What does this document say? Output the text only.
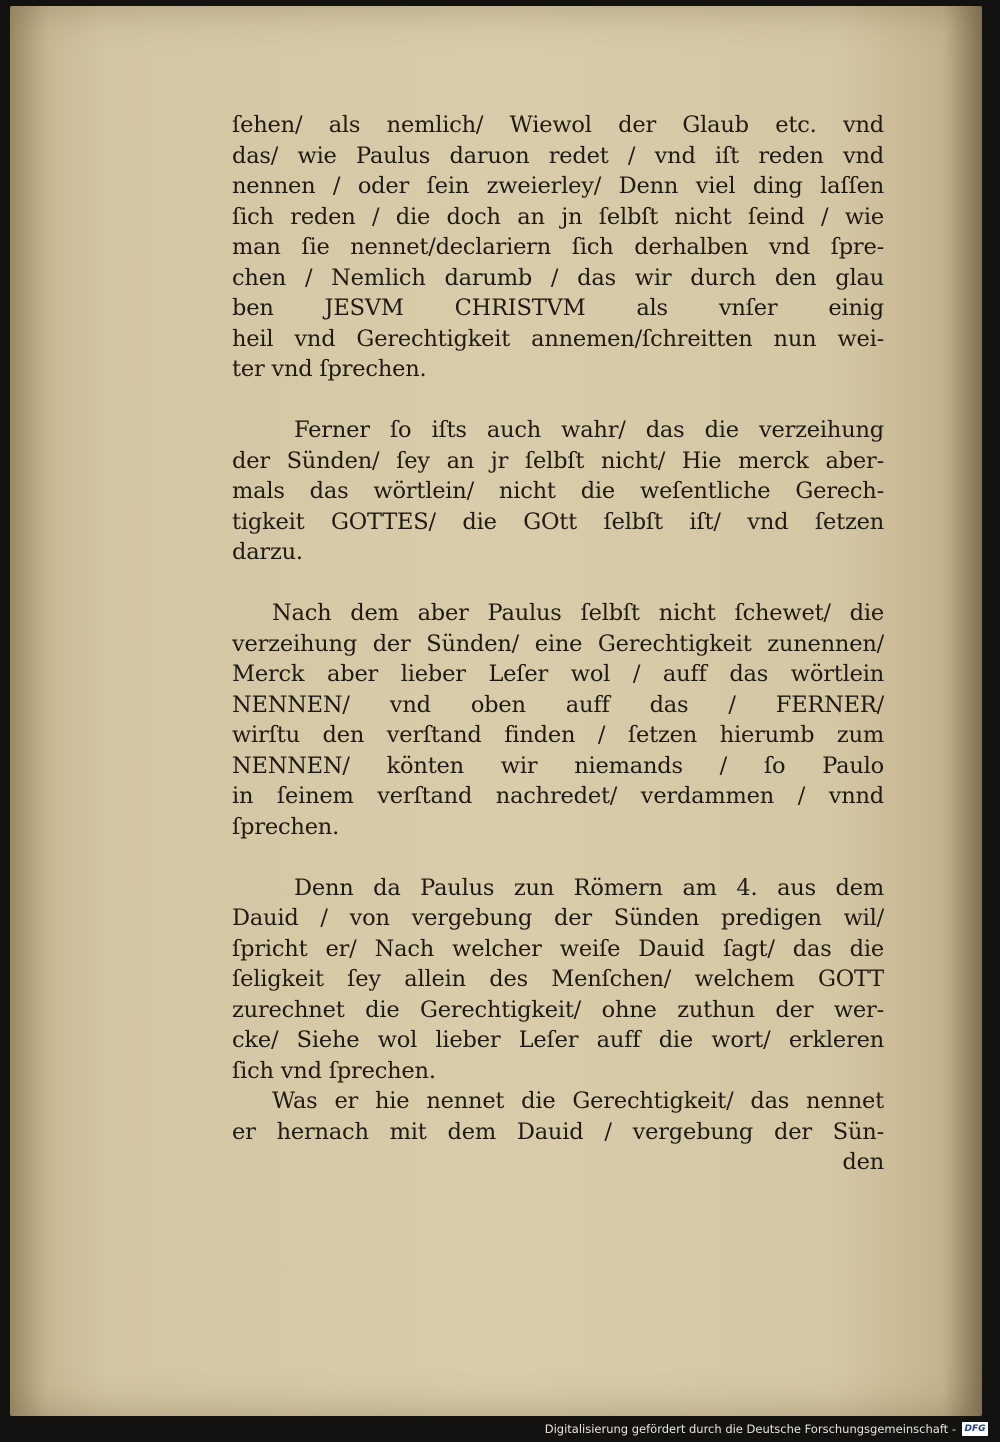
ſehen/ als nemlich/ Wiewol der Glaub etc. vnd
das/ wie Paulus daruon redet / vnd iſt reden vnd
nennen / oder ſein zweierley/ Denn viel ding laſſen
ſich reden / die doch an jn ſelbſt nicht ſeind / wie
man ſie nennet/declariern ſich derhalben vnd ſpre-
chen / Nemlich darumb / das wir durch den glau
ben JESVM CHRISTVM als vnſer einig
heil vnd Gerechtigkeit annemen/ſchreitten nun wei-
ter vnd ſprechen.
Ferner ſo iſts auch wahr/ das die verzeihung
der Sünden/ ſey an jr ſelbſt nicht/ Hie merck aber-
mals das wörtlein/ nicht die weſentliche Gerech-
tigkeit GOTTES/ die GOtt ſelbſt iſt/ vnd ſetzen
darzu.
Nach dem aber Paulus ſelbſt nicht ſchewet/ die
verzeihung der Sünden/ eine Gerechtigkeit zunennen/
Merck aber lieber Leſer wol / auff das wörtlein
NENNEN/ vnd oben auff das / FERNER/
wirſtu den verſtand finden / ſetzen hierumb zum
NENNEN/ könten wir niemands / ſo Paulo
in ſeinem verſtand nachredet/ verdammen / vnnd
ſprechen.
Denn da Paulus zun Römern am 4. aus dem
Dauid / von vergebung der Sünden predigen wil/
ſpricht er/ Nach welcher weiſe Dauid ſagt/ das die
ſeligkeit ſey allein des Menſchen/ welchem GOTT
zurechnet die Gerechtigkeit/ ohne zuthun der wer-
cke/ Siehe wol lieber Leſer auff die wort/ erkleren
ſich vnd ſprechen.
Was er hie nennet die Gerechtigkeit/ das nennet
er hernach mit dem Dauid / vergebung der Sün-
den
Digitalisierung gefördert durch die Deutsche Forschungsgemeinschaft - DFG
